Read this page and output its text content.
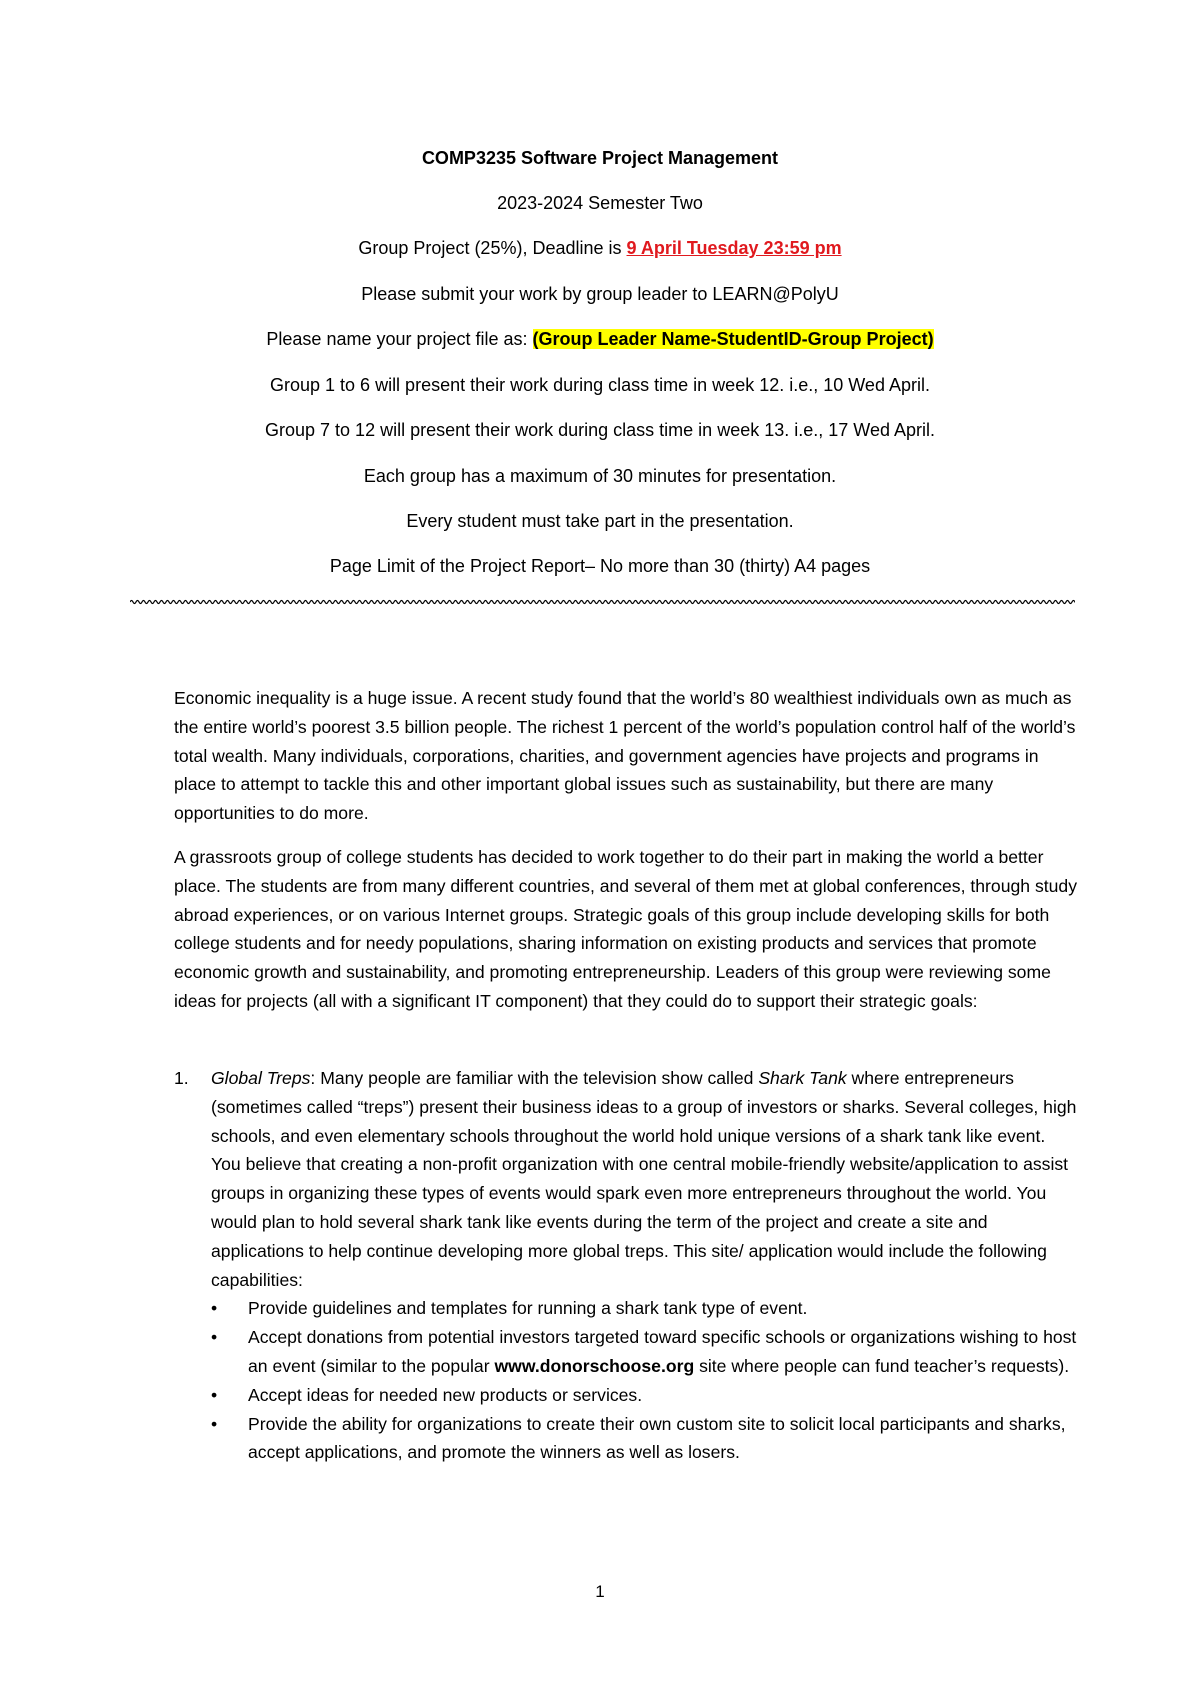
COMP3235 Software Project Management
2023-2024 Semester Two
Group Project (25%), Deadline is 9 April Tuesday 23:59 pm
Please submit your work by group leader to LEARN@PolyU
Please name your project file as: (Group Leader Name-StudentID-Group Project)
Group 1 to 6 will present their work during class time in week 12. i.e., 10 Wed April.
Group 7 to 12 will present their work during class time in week 13. i.e., 17 Wed April.
Each group has a maximum of 30 minutes for presentation.
Every student must take part in the presentation.
Page Limit of the Project Report– No more than 30 (thirty) A4 pages

Economic inequality is a huge issue. A recent study found that the world’s 80 wealthiest individuals own as much as the entire world’s poorest 3.5 billion people. The richest 1 percent of the world’s population control half of the world’s total wealth. Many individuals, corporations, charities, and government agencies have projects and programs in place to attempt to tackle this and other important global issues such as sustainability, but there are many opportunities to do more.

A grassroots group of college students has decided to work together to do their part in making the world a better place. The students are from many different countries, and several of them met at global conferences, through study abroad experiences, or on various Internet groups. Strategic goals of this group include developing skills for both college students and for needy populations, sharing information on existing products and services that promote economic growth and sustainability, and promoting entrepreneurship. Leaders of this group were reviewing some ideas for projects (all with a significant IT component) that they could do to support their strategic goals:

1. Global Treps: Many people are familiar with the television show called Shark Tank where entrepreneurs (sometimes called “treps”) present their business ideas to a group of investors or sharks. Several colleges, high schools, and even elementary schools throughout the world hold unique versions of a shark tank like event. You believe that creating a non-profit organization with one central mobile-friendly website/application to assist groups in organizing these types of events would spark even more entrepreneurs throughout the world. You would plan to hold several shark tank like events during the term of the project and create a site and applications to help continue developing more global treps. This site/ application would include the following capabilities:
• Provide guidelines and templates for running a shark tank type of event.
• Accept donations from potential investors targeted toward specific schools or organizations wishing to host an event (similar to the popular www.donorschoose.org site where people can fund teacher’s requests).
• Accept ideas for needed new products or services.
• Provide the ability for organizations to create their own custom site to solicit local participants and sharks, accept applications, and promote the winners as well as losers.
1
